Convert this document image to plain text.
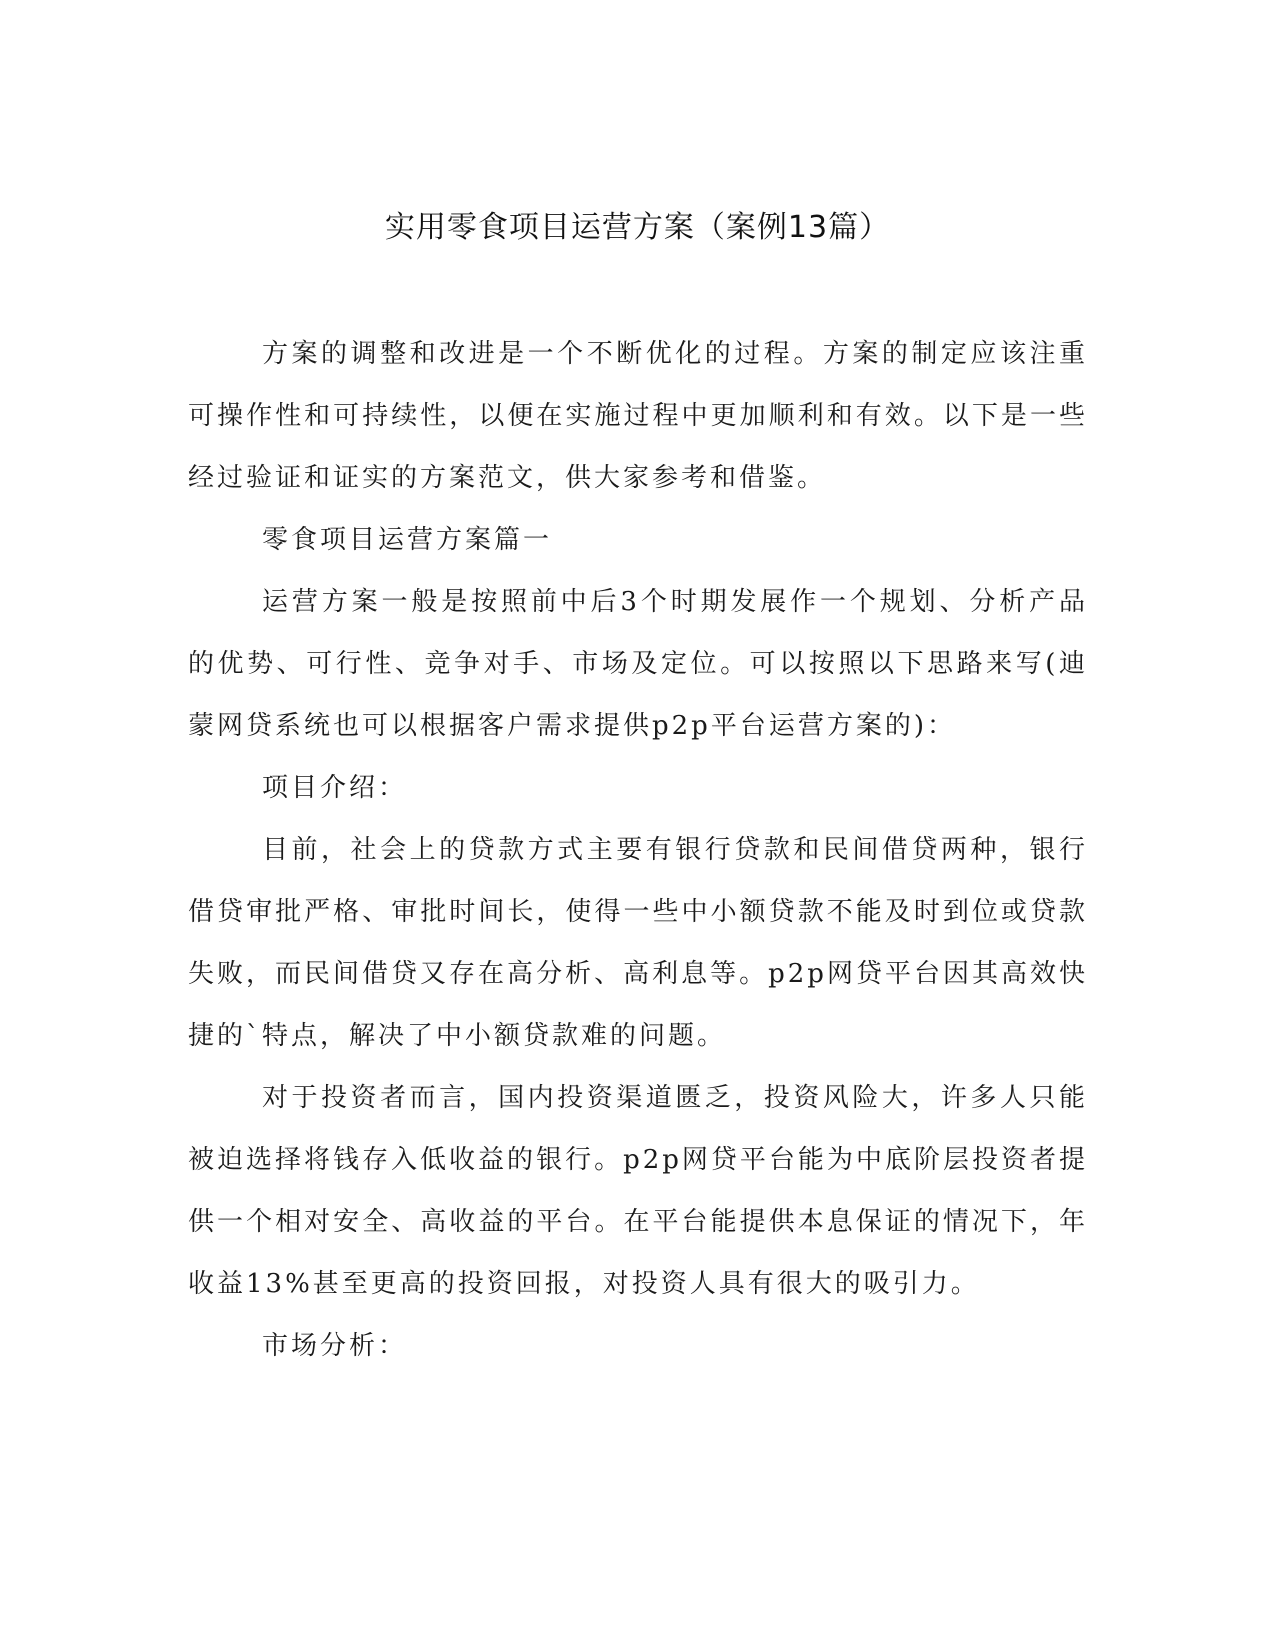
实用零食项目运营方案（案例13篇）

方案的调整和改进是一个不断优化的过程。方案的制定应该注重可操作性和可持续性，以便在实施过程中更加顺利和有效。以下是一些经过验证和证实的方案范文，供大家参考和借鉴。

零食项目运营方案篇一

运营方案一般是按照前中后3个时期发展作一个规划、分析产品的优势、可行性、竞争对手、市场及定位。可以按照以下思路来写(迪蒙网贷系统也可以根据客户需求提供p2p平台运营方案的)：

项目介绍：

目前，社会上的贷款方式主要有银行贷款和民间借贷两种，银行借贷审批严格、审批时间长，使得一些中小额贷款不能及时到位或贷款失败，而民间借贷又存在高分析、高利息等。p2p网贷平台因其高效快捷的`特点，解决了中小额贷款难的问题。

对于投资者而言，国内投资渠道匮乏，投资风险大，许多人只能被迫选择将钱存入低收益的银行。p2p网贷平台能为中底阶层投资者提供一个相对安全、高收益的平台。在平台能提供本息保证的情况下，年收益13%甚至更高的投资回报，对投资人具有很大的吸引力。

市场分析：
